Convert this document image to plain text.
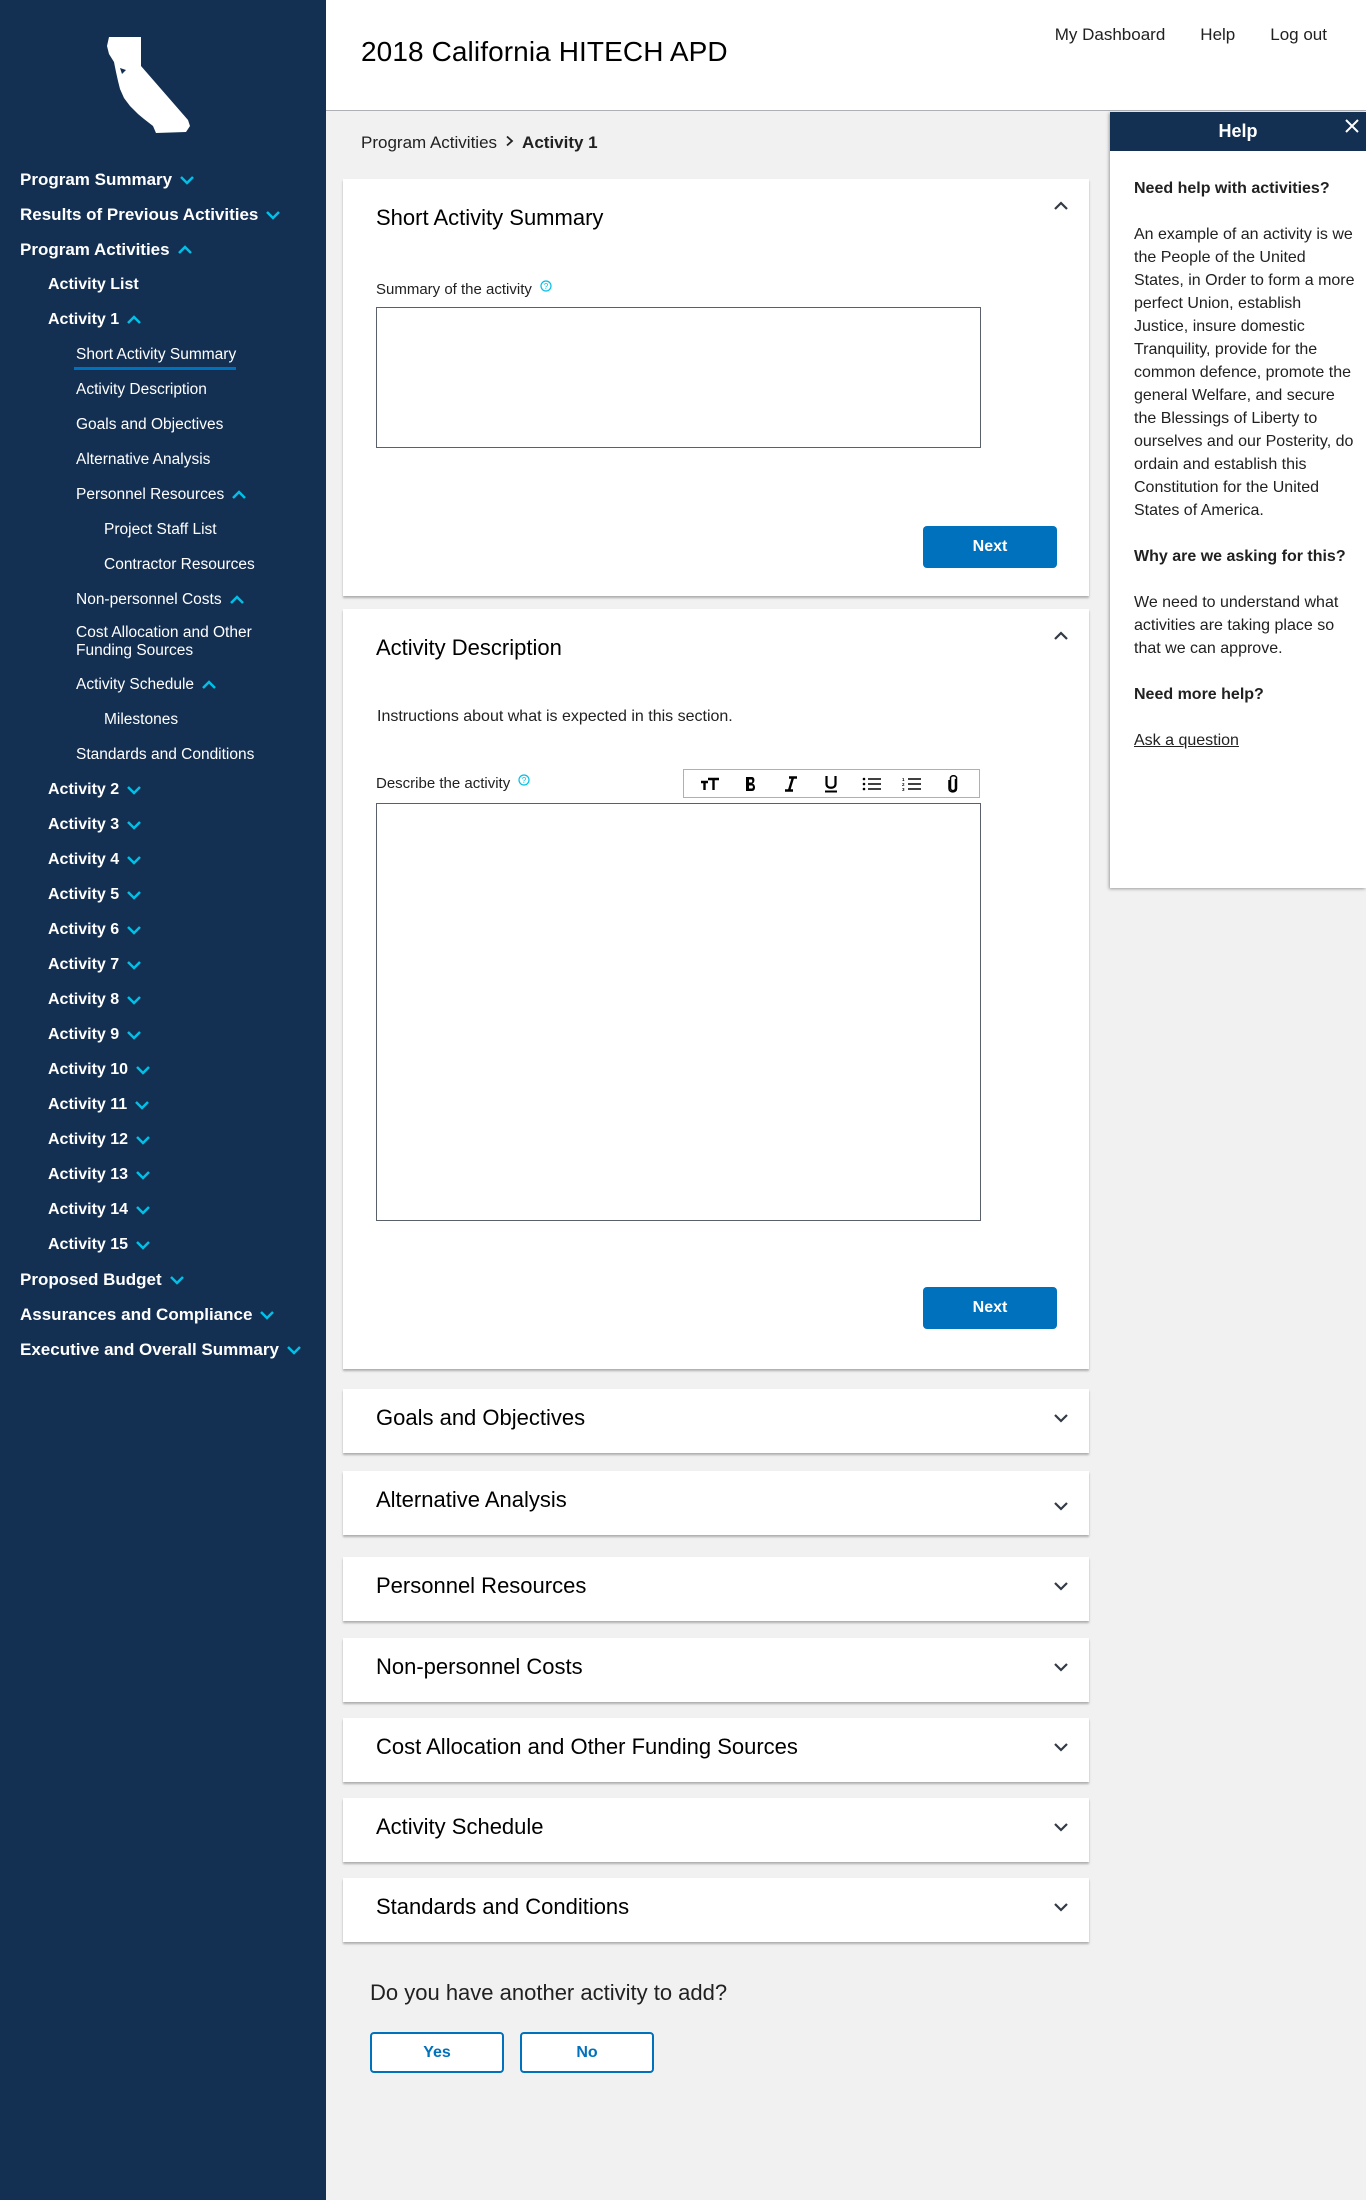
Program Summary
Results of Previous Activities
Program Activities
Activity List
Activity 1
Short Activity Summary
Activity Description
Goals and Objectives
Alternative Analysis
Personnel Resources
Project Staff List
Contractor Resources
Non-personnel Costs
Cost Allocation and Other Funding Sources
Activity Schedule
Milestones
Standards and Conditions
Activity 2
Activity 3
Activity 4
Activity 5
Activity 6
Activity 7
Activity 8
Activity 9
Activity 10
Activity 11
Activity 12
Activity 13
Activity 14
Activity 15
Proposed Budget
Assurances and Compliance
Executive and Overall Summary
2018 California HITECH APD
My Dashboard Help Log out
Program Activities Activity 1
Short Activity Summary
Summary of the activity ?
Next
Activity Description

Instructions about what is expected in this section.

Describe the activity ?	1
2
3
Next
Goals and Objectives
Alternative Analysis
Personnel Resources
Non-personnel Costs
Cost Allocation and Other Funding Sources
Activity Schedule
Standards and Conditions

Do you have another activity to add?

Yes	No
Help
Need help with activities?

An example of an activity is we the People of the United States, in Order to form a more perfect Union, establish Justice, insure domestic Tranquility, provide for the common defence, promote the general Welfare, and secure the Blessings of Liberty to ourselves and our Posterity, do ordain and establish this Constitution for the United States of America.

Why are we asking for this?

We need to understand what activities are taking place so that we can approve.

Need more help?

Ask a question
